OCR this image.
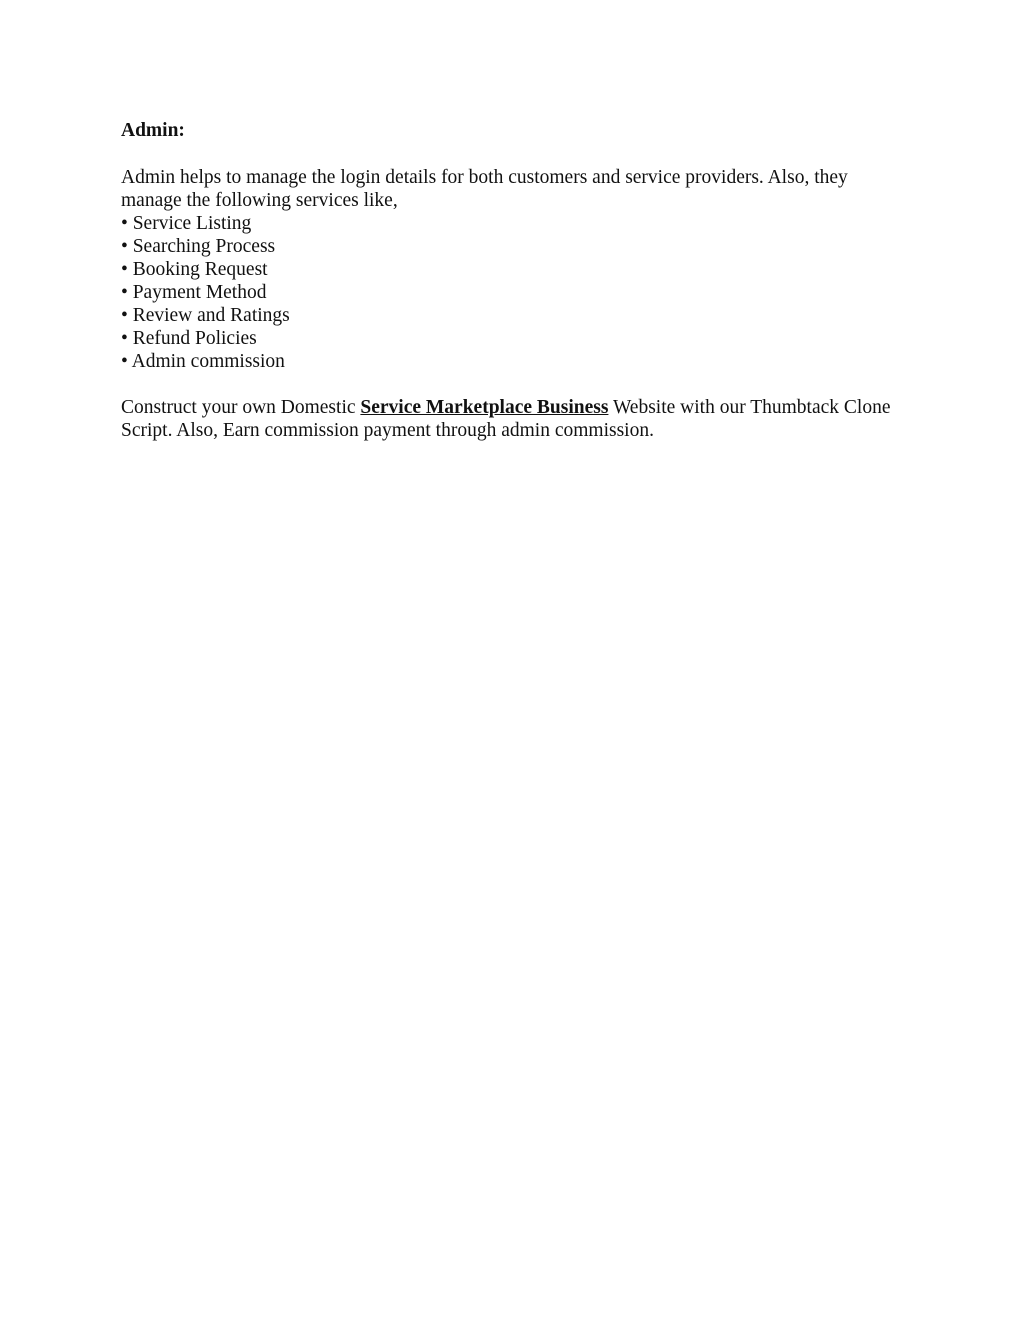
Admin:

Admin helps to manage the login details for both customers and service providers. Also, they manage the following services like,

• Service Listing
• Searching Process
• Booking Request
• Payment Method
• Review and Ratings
• Refund Policies
• Admin commission

Construct your own Domestic Service Marketplace Business Website with our Thumbtack Clone Script. Also, Earn commission payment through admin commission.
